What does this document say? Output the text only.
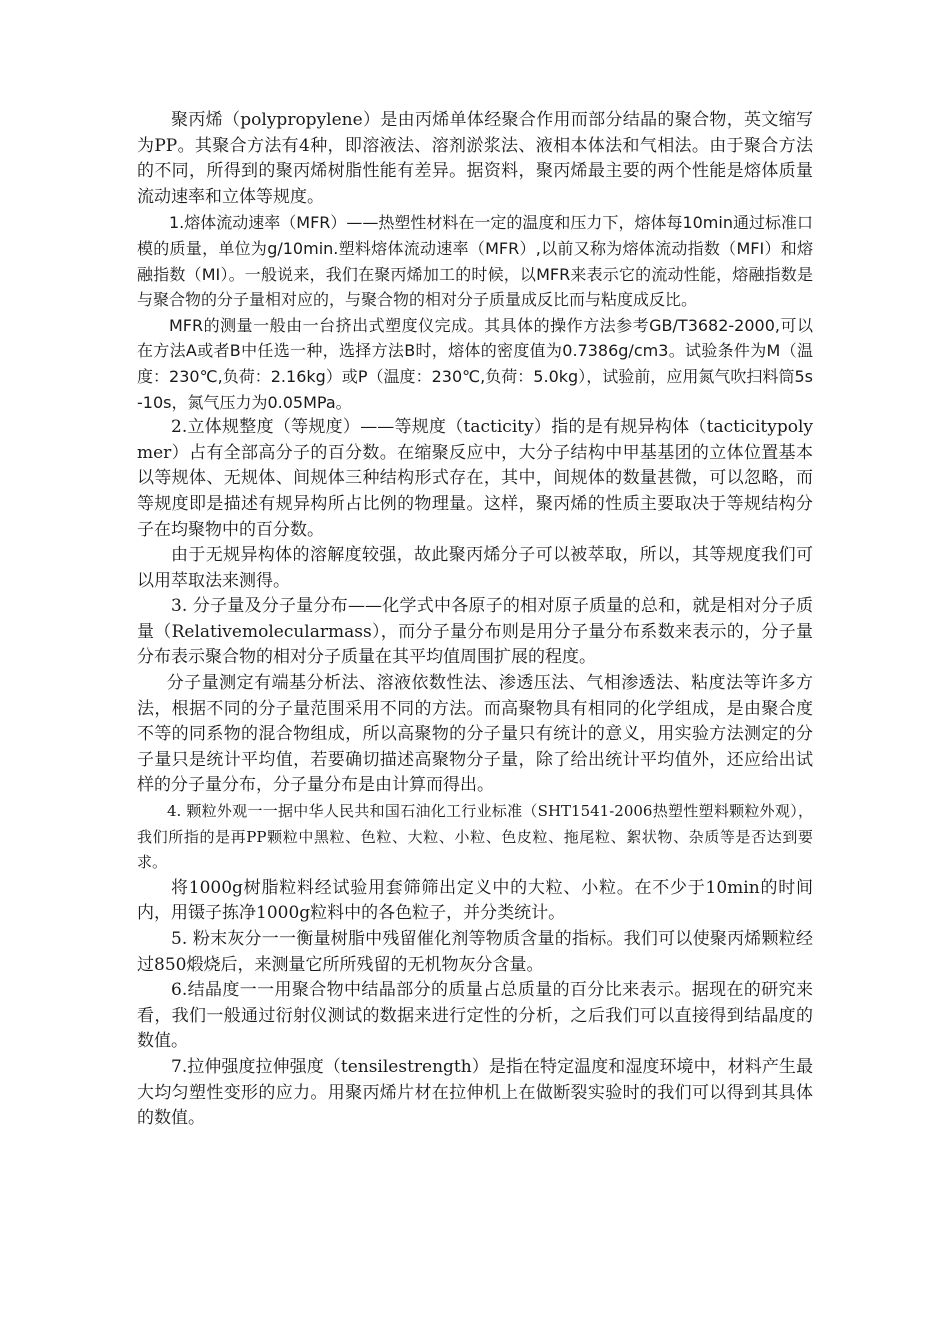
聚丙烯（polypropylene）是由丙烯单体经聚合作用而部分结晶的聚合物，英文缩写为PP。其聚合方法有4种，即溶液法、溶剂淤浆法、液相本体法和气相法。由于聚合方法的不同，所得到的聚丙烯树脂性能有差异。据资料，聚丙烯最主要的两个性能是熔体质量流动速率和立体等规度。

1.熔体流动速率（MFR）——热塑性材料在一定的温度和压力下，熔体每10min通过标准口模的质量，单位为g/10min.塑料熔体流动速率（MFR）,以前又称为熔体流动指数（MFI）和熔融指数（MI）。一般说来，我们在聚丙烯加工的时候，以MFR来表示它的流动性能，熔融指数是与聚合物的分子量相对应的，与聚合物的相对分子质量成反比而与粘度成反比。

MFR的测量一般由一台挤出式塑度仪完成。其具体的操作方法参考GB/T3682-2000,可以在方法A或者B中任选一种，选择方法B时，熔体的密度值为0.7386g/cm3。试验条件为M（温度：230℃,负荷：2.16kg）或P（温度：230℃,负荷：5.0kg），试验前，应用氮气吹扫料筒5s-10s，氮气压力为0.05MPa。

2.立体规整度（等规度）——等规度（tacticity）指的是有规异构体（tacticitypolymer）占有全部高分子的百分数。在缩聚反应中，大分子结构中甲基基团的立体位置基本以等规体、无规体、间规体三种结构形式存在，其中，间规体的数量甚微，可以忽略，而等规度即是描述有规异构所占比例的物理量。这样，聚丙烯的性质主要取决于等规结构分子在均聚物中的百分数。

由于无规异构体的溶解度较强，故此聚丙烯分子可以被萃取，所以，其等规度我们可以用萃取法来测得。

3. 分子量及分子量分布——化学式中各原子的相对原子质量的总和，就是相对分子质量（Relativemolecularmass），而分子量分布则是用分子量分布系数来表示的，分子量分布表示聚合物的相对分子质量在其平均值周围扩展的程度。

分子量测定有端基分析法、溶液依数性法、渗透压法、气相渗透法、粘度法等许多方法，根据不同的分子量范围采用不同的方法。而高聚物具有相同的化学组成，是由聚合度不等的同系物的混合物组成，所以高聚物的分子量只有统计的意义，用实验方法测定的分子量只是统计平均值，若要确切描述高聚物分子量，除了给出统计平均值外，还应给出试样的分子量分布，分子量分布是由计算而得出。

4. 颗粒外观一一据中华人民共和国石油化工行业标准（SHT1541-2006热塑性塑料颗粒外观），我们所指的是再PP颗粒中黑粒、色粒、大粒、小粒、色皮粒、拖尾粒、絮状物、杂质等是否达到要求。

将1000g树脂粒料经试验用套筛筛出定义中的大粒、小粒。在不少于10min的时间内，用镊子拣净1000g粒料中的各色粒子，并分类统计。

5. 粉末灰分一一衡量树脂中残留催化剂等物质含量的指标。我们可以使聚丙烯颗粒经过850煅烧后，来测量它所所残留的无机物灰分含量。

6.结晶度一一用聚合物中结晶部分的质量占总质量的百分比来表示。据现在的研究来看，我们一般通过衍射仪测试的数据来进行定性的分析，之后我们可以直接得到结晶度的数值。

7.拉伸强度拉伸强度（tensilestrength）是指在特定温度和湿度环境中，材料产生最大均匀塑性变形的应力。用聚丙烯片材在拉伸机上在做断裂实验时的我们可以得到其具体的数值。
